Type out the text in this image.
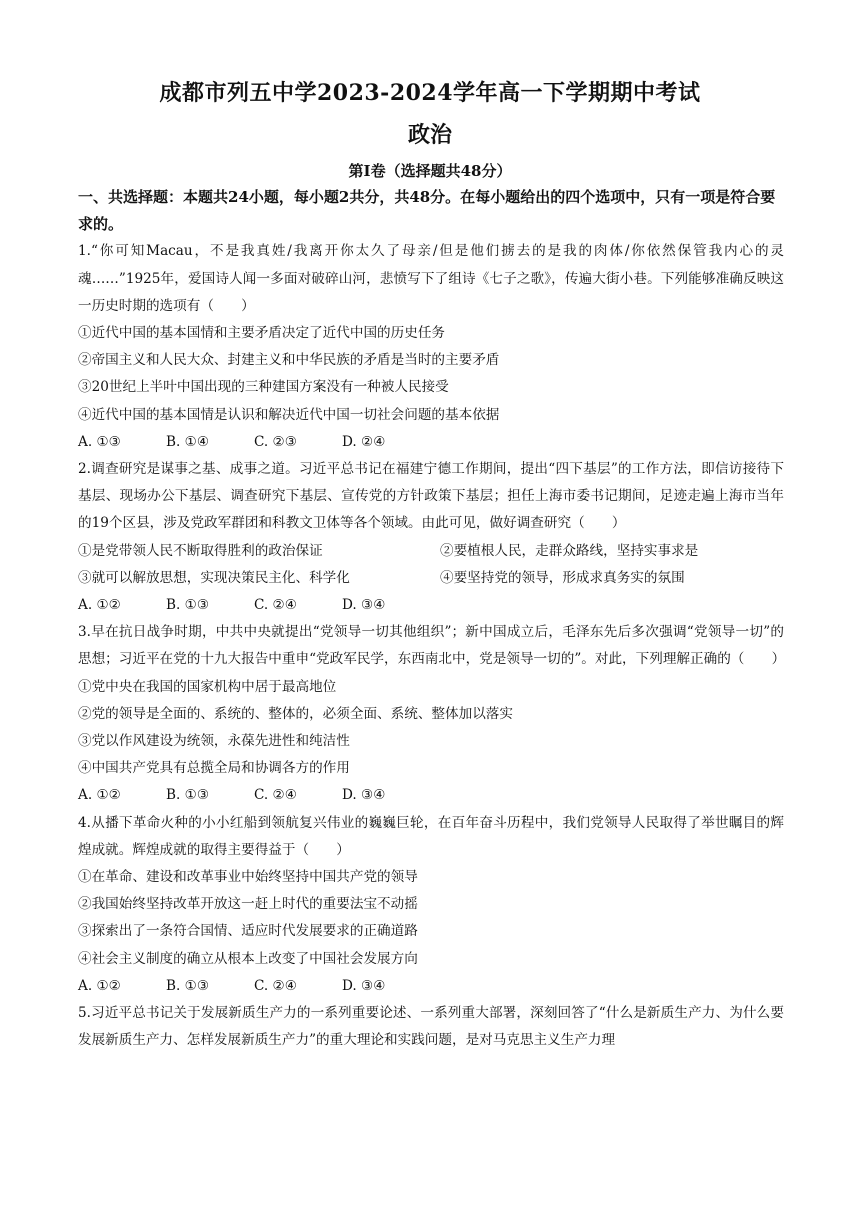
成都市列五中学2023-2024学年高一下学期期中考试
政治
第Ⅰ卷（选择题共48分）
一、共选择题：本题共24小题，每小题2共分，共48分。在每小题给出的四个选项中，只有一项是符合要求的。
1.“你可知Macau，不是我真姓/我离开你太久了母亲/但是他们掳去的是我的肉体/你依然保管我内心的灵魂……”1925年，爱国诗人闻一多面对破碎山河，悲愤写下了组诗《七子之歌》，传遍大街小巷。下列能够准确反映这一历史时期的选项有（　　）
①近代中国的基本国情和主要矛盾决定了近代中国的历史任务
②帝国主义和人民大众、封建主义和中华民族的矛盾是当时的主要矛盾
③20世纪上半叶中国出现的三种建国方案没有一种被人民接受
④近代中国的基本国情是认识和解决近代中国一切社会问题的基本依据
A. ①③	B. ①④	C. ②③	D. ②④
2.调查研究是谋事之基、成事之道。习近平总书记在福建宁德工作期间，提出“四下基层”的工作方法，即信访接待下基层、现场办公下基层、调查研究下基层、宣传党的方针政策下基层；担任上海市委书记期间，足迹走遍上海市当年的19个区县，涉及党政军群团和科教文卫体等各个领域。由此可见，做好调查研究（　　）
①是党带领人民不断取得胜利的政治保证	②要植根人民，走群众路线，坚持实事求是
③就可以解放思想，实现决策民主化、科学化	④要坚持党的领导，形成求真务实的氛围
A. ①②	B. ①③	C. ②④	D. ③④
3.早在抗日战争时期，中共中央就提出“党领导一切其他组织”；新中国成立后，毛泽东先后多次强调“党领导一切”的思想；习近平在党的十九大报告中重申“党政军民学，东西南北中，党是领导一切的”。对此，下列理解正确的（　　）
①党中央在我国的国家机构中居于最高地位
②党的领导是全面的、系统的、整体的，必须全面、系统、整体加以落实
③党以作风建设为统领，永葆先进性和纯洁性
④中国共产党具有总揽全局和协调各方的作用
A. ①②	B. ①③	C. ②④	D. ③④
4.从播下革命火种的小小红船到领航复兴伟业的巍巍巨轮，在百年奋斗历程中，我们党领导人民取得了举世瞩目的辉煌成就。辉煌成就的取得主要得益于（　　）
①在革命、建设和改革事业中始终坚持中国共产党的领导
②我国始终坚持改革开放这一赶上时代的重要法宝不动摇
③探索出了一条符合国情、适应时代发展要求的正确道路
④社会主义制度的确立从根本上改变了中国社会发展方向
A. ①②	B. ①③	C. ②④	D. ③④
5.习近平总书记关于发展新质生产力的一系列重要论述、一系列重大部署，深刻回答了“什么是新质生产力、为什么要发展新质生产力、怎样发展新质生产力”的重大理论和实践问题，是对马克思主义生产力理
